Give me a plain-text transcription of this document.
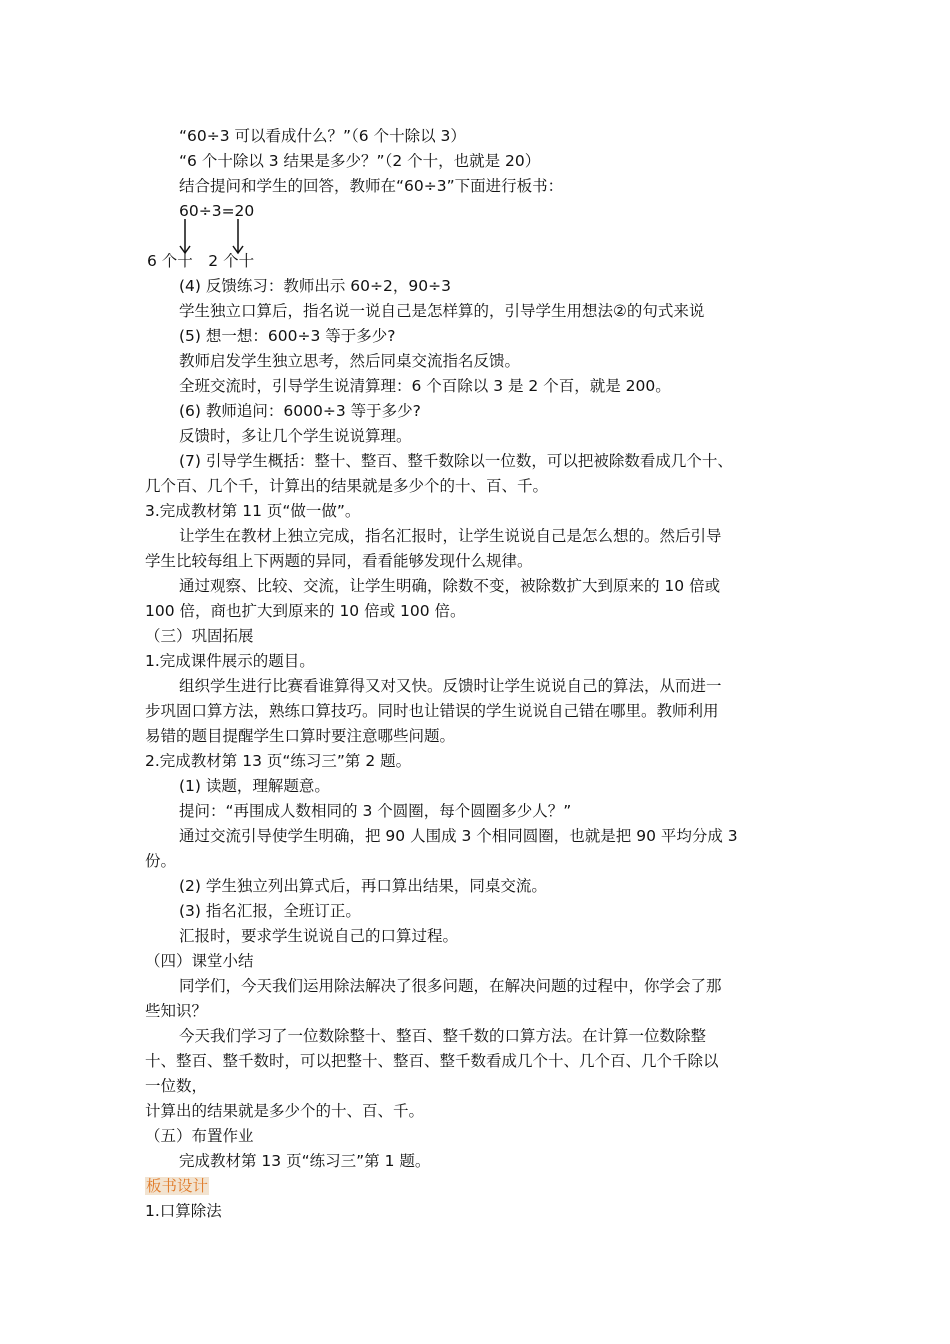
“60÷3 可以看成什么？”（6 个十除以 3）
“6 个十除以 3 结果是多少？”（2 个十，也就是 20）
结合提问和学生的回答，教师在“60÷3”下面进行板书：
60÷3=20
6 个十　2 个十
(4) 反馈练习：教师出示 60÷2，90÷3
学生独立口算后，指名说一说自己是怎样算的，引导学生用想法②的句式来说
(5) 想一想：600÷3 等于多少?
教师启发学生独立思考，然后同桌交流指名反馈。
全班交流时，引导学生说清算理：6 个百除以 3 是 2 个百，就是 200。
(6) 教师追问：6000÷3 等于多少?
反馈时，多让几个学生说说算理。
(7) 引导学生概括：整十、整百、整千数除以一位数，可以把被除数看成几个十、
几个百、几个千，计算出的结果就是多少个的十、百、千。
3.完成教材第 11 页“做一做”。
让学生在教材上独立完成，指名汇报时，让学生说说自己是怎么想的。然后引导
学生比较每组上下两题的异同，看看能够发现什么规律。
通过观察、比较、交流，让学生明确，除数不变，被除数扩大到原来的 10 倍或
100 倍，商也扩大到原来的 10 倍或 100 倍。
（三）巩固拓展
1.完成课件展示的题目。
组织学生进行比赛看谁算得又对又快。反馈时让学生说说自己的算法，从而进一
步巩固口算方法，熟练口算技巧。同时也让错误的学生说说自己错在哪里。教师利用
易错的题目提醒学生口算时要注意哪些问题。
2.完成教材第 13 页“练习三”第 2 题。
(1) 读题，理解题意。
提问：“再围成人数相同的 3 个圆圈，每个圆圈多少人？”
通过交流引导使学生明确，把 90 人围成 3 个相同圆圈，也就是把 90 平均分成 3
份。
(2) 学生独立列出算式后，再口算出结果，同桌交流。
(3) 指名汇报，全班订正。
汇报时，要求学生说说自己的口算过程。
（四）课堂小结
同学们，今天我们运用除法解决了很多问题，在解决问题的过程中，你学会了那
些知识？
今天我们学习了一位数除整十、整百、整千数的口算方法。在计算一位数除整
十、整百、整千数时，可以把整十、整百、整千数看成几个十、几个百、几个千除以
一位数，
计算出的结果就是多少个的十、百、千。
（五）布置作业
完成教材第 13 页“练习三”第 1 题。
板书设计
1.口算除法
